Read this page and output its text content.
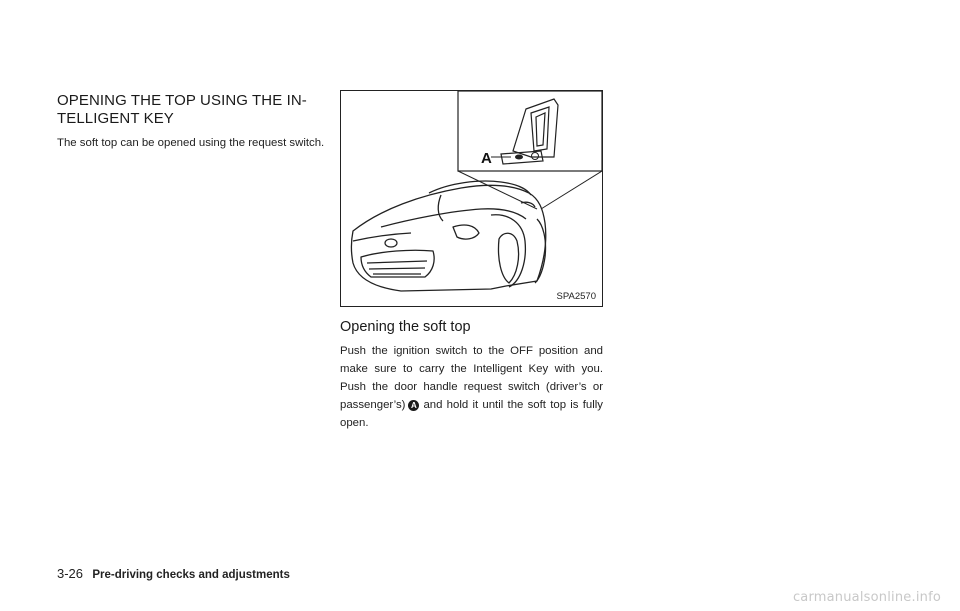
OPENING THE TOP USING THE IN-
TELLIGENT KEY

The soft top can be opened using the request switch.

A
SPA2570
Opening the soft top

Push the ignition switch to the OFF position and make sure to carry the Intelligent Key with you. Push the door handle request switch (driver’s or passenger’s) A and hold it until the soft top is fully open.

3-26 Pre-driving checks and adjustments
carmanualsonline.info
